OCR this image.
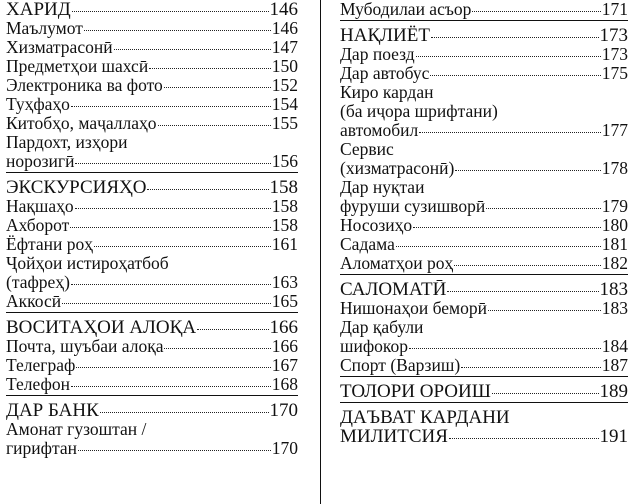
ХАРИД	146
Маълумот	146
Хизматрасонӣ	147
Предметҳои шахсӣ	150
Электроника ва фото	152
Туҳфаҳо	154
Китобҳо, маҷаллаҳо	155
Пардохт, изҳори
норозигӣ	156
ЭКСКУРСИЯҲО	158
Нақшаҳо	158
Ахборот	158
Ёфтани роҳ	161
Ҷойҳои истироҳатбоб
(тафреҳ)	163
Аккосӣ	165
ВОСИТАҲОИ АЛОҚА	166
Почта, шуъбаи алоқа	166
Телеграф	167
Телефон	168
ДАР БАНК	170
Амонат гузоштан /
гирифтан	170
Мубодилаи асъор	171
НАҚЛИЁТ	173
Дар поезд	173
Дар автобус	175
Киро кардан
(ба иҷора шрифтани)
автомобил	177
Сервис
(хизматрасонӣ)	178
Дар нуқтаи
фуруши сузишворӣ	179
Носозиҳо	180
Садама	181
Аломатҳои роҳ	182
САЛОМАТӢ	183
Нишонаҳои беморӣ	183
Дар қабули
шифокор	184
Спорт (Варзиш)	187
ТОЛОРИ ОРОИШ	189
ДАЪВАТ КАРДАНИ
МИЛИТСИЯ	191
